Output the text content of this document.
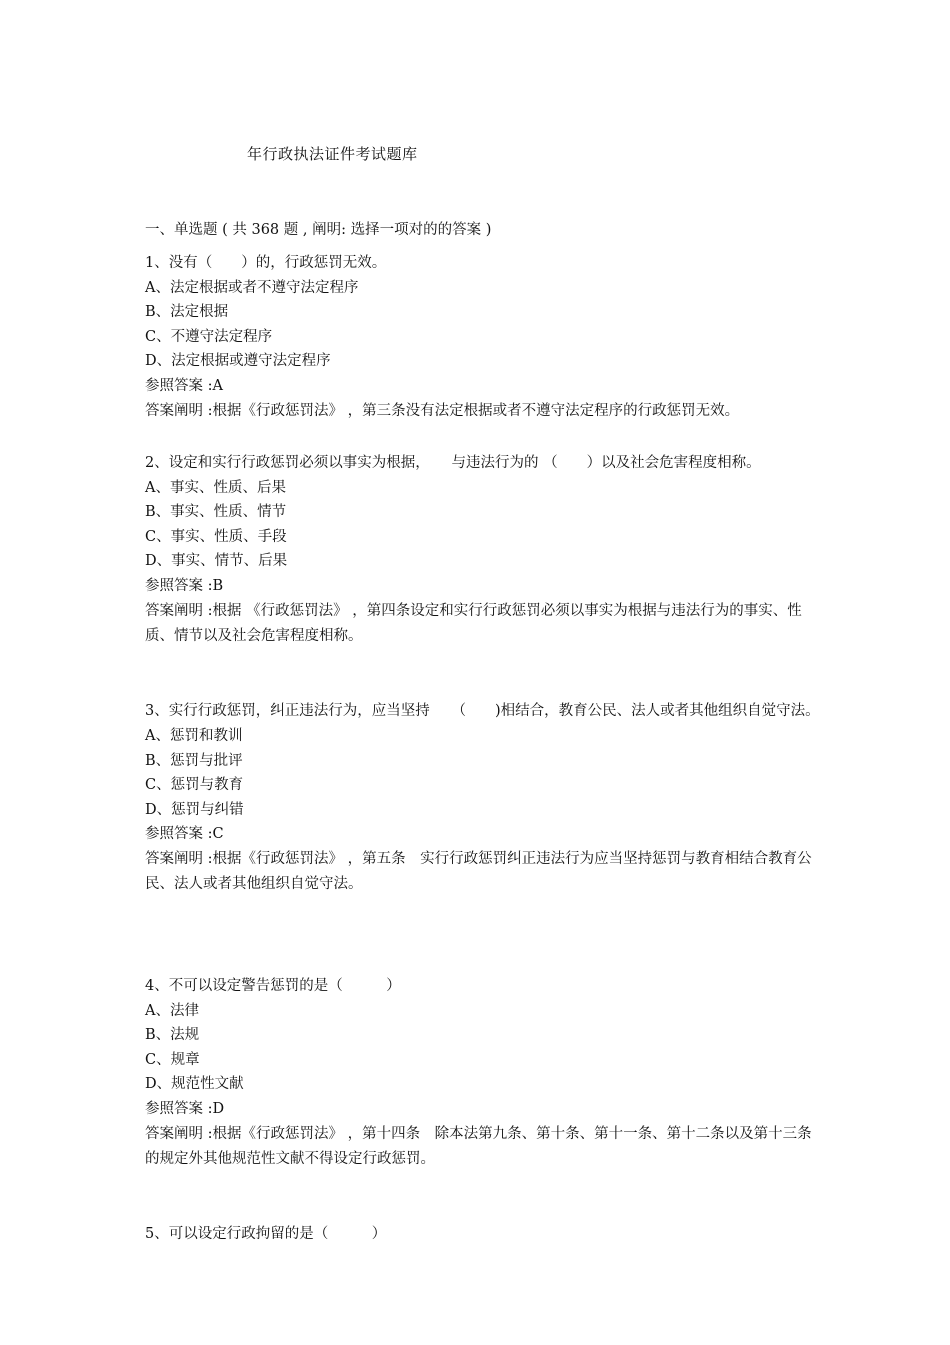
年行政执法证件考试题库
一、单选题 ( 共 368 题 , 阐明: 选择一项对的的答案 )
1、没有（　　）的，行政惩罚无效。
A、法定根据或者不遵守法定程序
B、法定根据
C、不遵守法定程序
D、法定根据或遵守法定程序
参照答案 :A
答案阐明 :根据《行政惩罚法》 ，第三条没有法定根据或者不遵守法定程序的行政惩罚无效。
2、设定和实行行政惩罚必须以事实为根据，　　与违法行为的 （　　）以及社会危害程度相称。
A、事实、性质、后果
B、事实、性质、情节
C、事实、性质、手段
D、事实、情节、后果
参照答案 :B
答案阐明 :根据 《行政惩罚法》 ，第四条设定和实行行政惩罚必须以事实为根据与违法行为的事实、性质、情节以及社会危害程度相称。
3、实行行政惩罚，纠正违法行为，应当坚持　　（　　)相结合，教育公民、法人或者其他组织自觉守法。
A、惩罚和教训
B、惩罚与批评
C、惩罚与教育
D、惩罚与纠错
参照答案 :C
答案阐明 :根据《行政惩罚法》 ，第五条　实行行政惩罚纠正违法行为应当坚持惩罚与教育相结合教育公民、法人或者其他组织自觉守法。
4、不可以设定警告惩罚的是（　　　）
A、法律
B、法规
C、规章
D、规范性文献
参照答案 :D
答案阐明 :根据《行政惩罚法》 ，第十四条　除本法第九条、第十条、第十一条、第十二条以及第十三条的规定外其他规范性文献不得设定行政惩罚。
5、可以设定行政拘留的是（　　　）
